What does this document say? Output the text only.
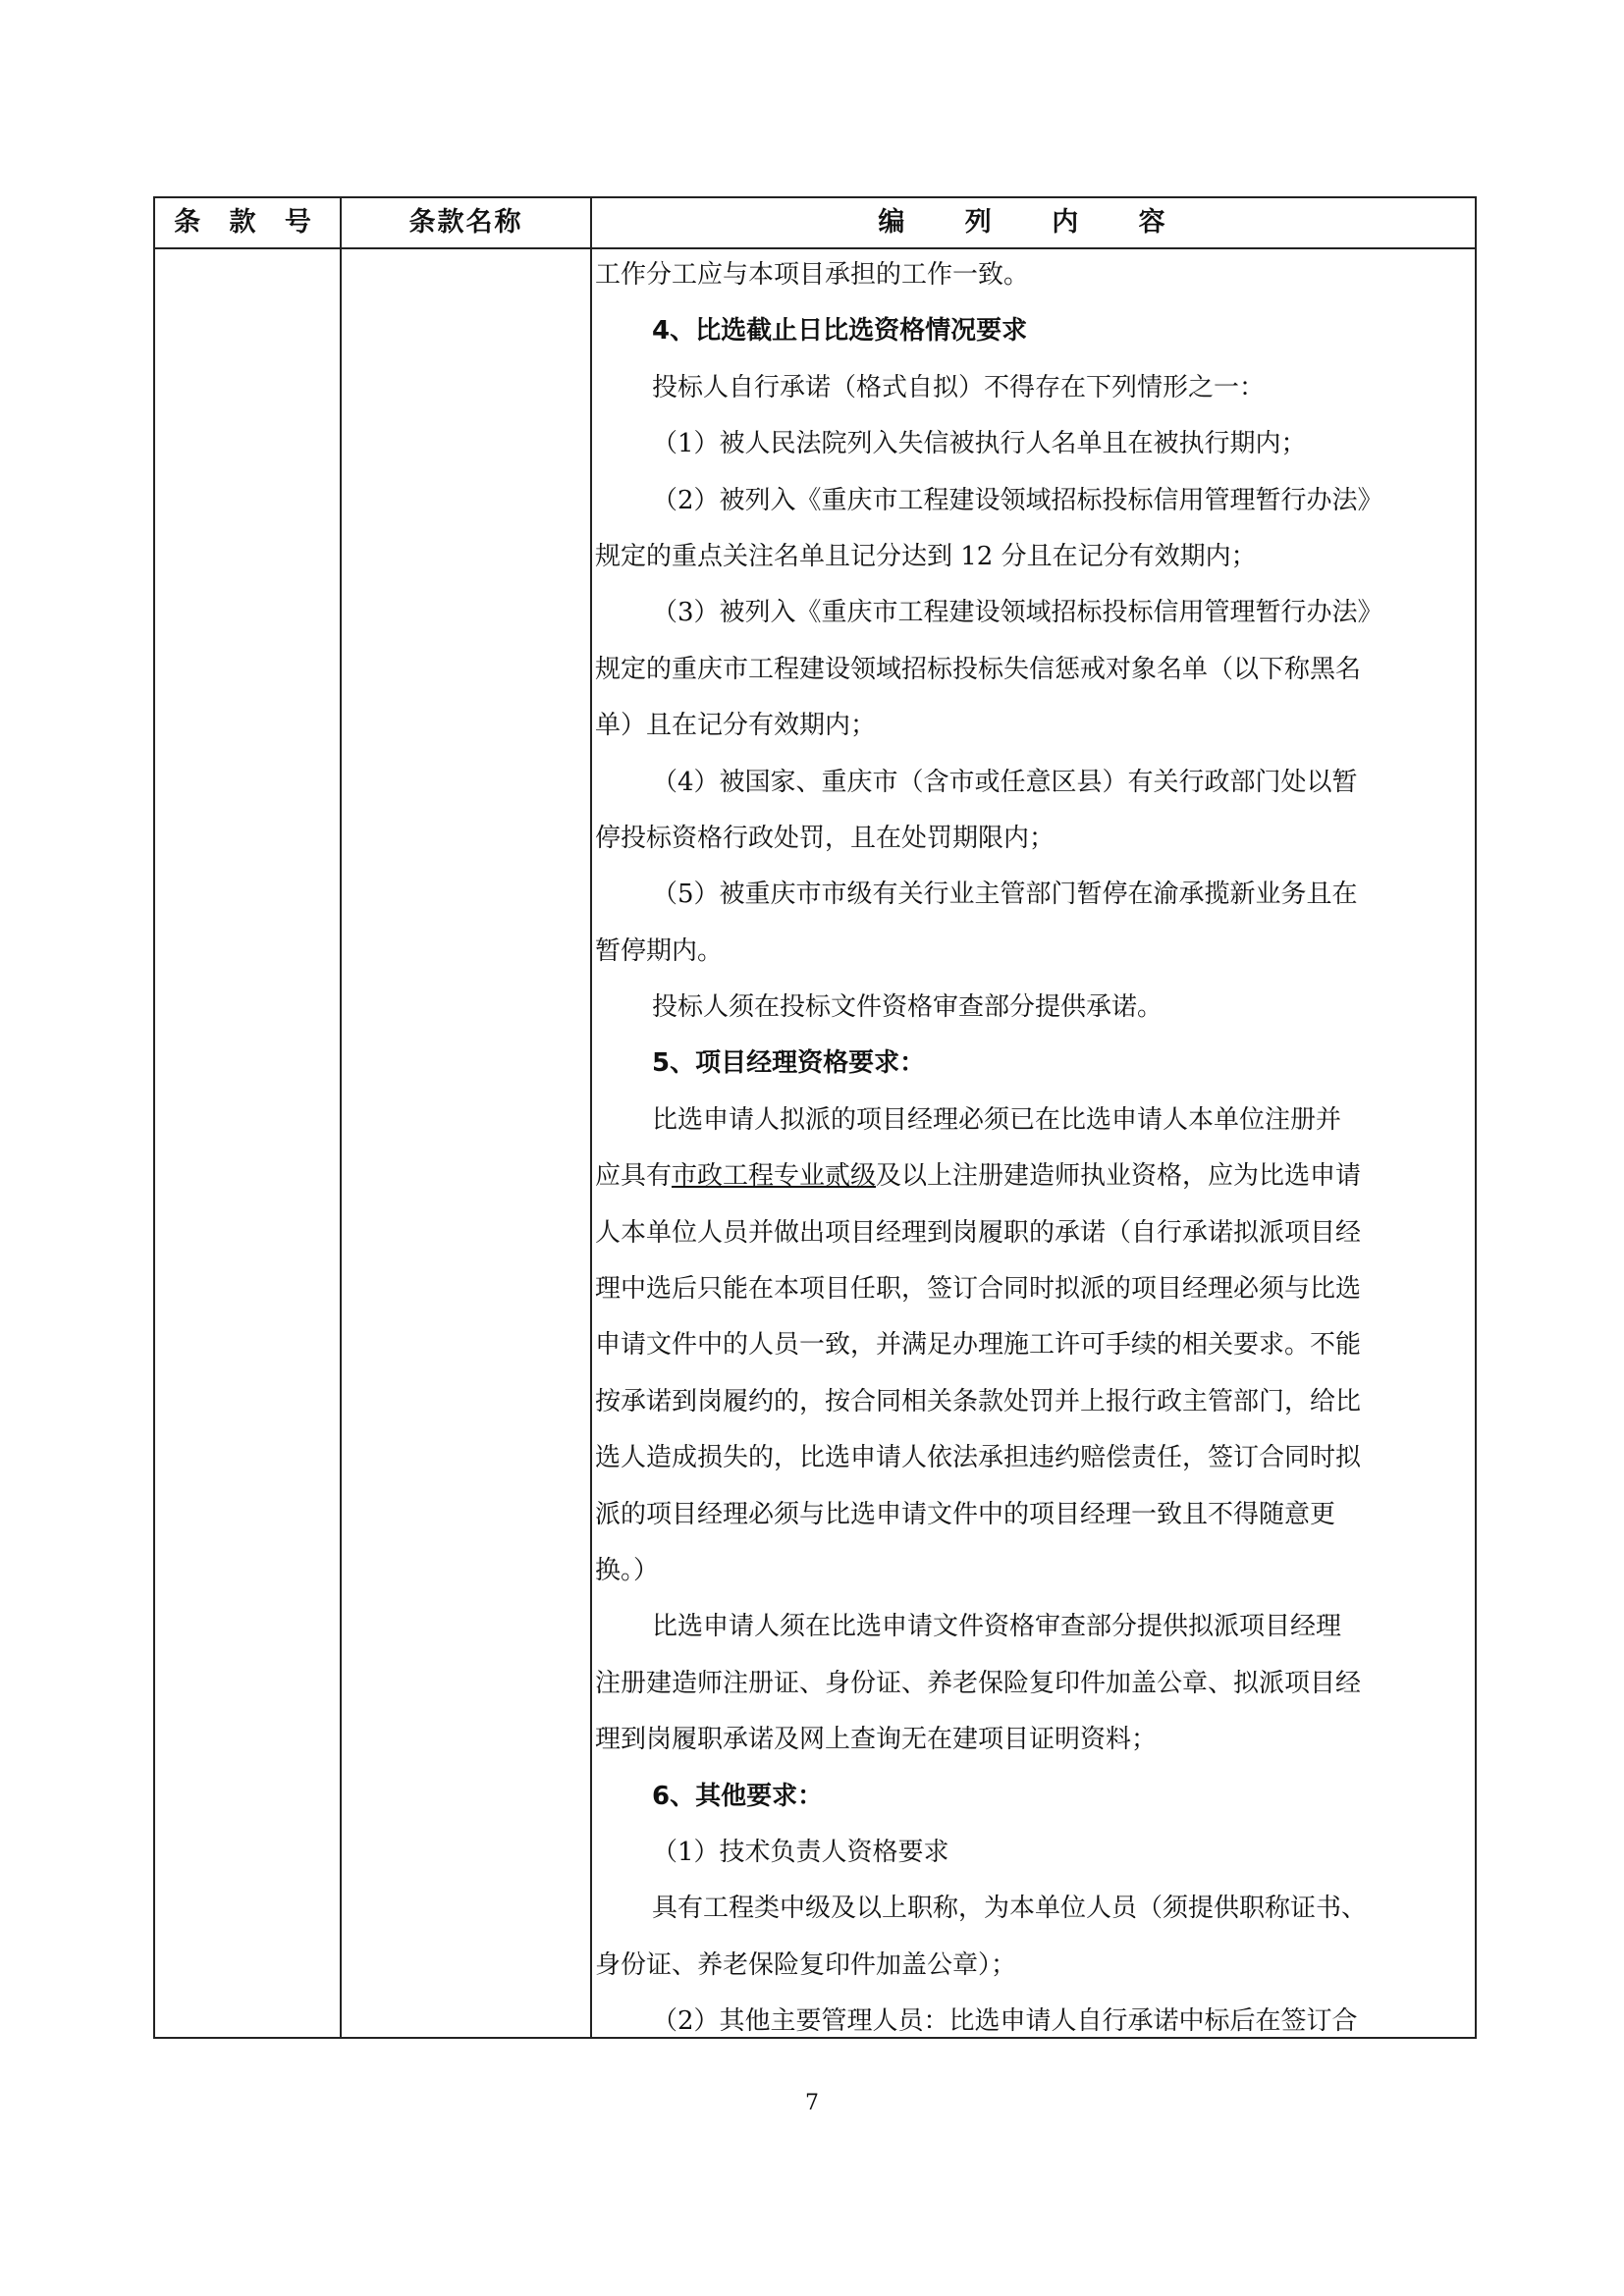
条 款 号	条款名称	编 列 内 容

工作分工应与本项目承担的工作一致。

4、比选截止日比选资格情况要求

投标人自行承诺（格式自拟）不得存在下列情形之一：

（1）被人民法院列入失信被执行人名单且在被执行期内；

（2）被列入《重庆市工程建设领域招标投标信用管理暂行办法》

规定的重点关注名单且记分达到 12 分且在记分有效期内；

（3）被列入《重庆市工程建设领域招标投标信用管理暂行办法》

规定的重庆市工程建设领域招标投标失信惩戒对象名单（以下称黑名

单）且在记分有效期内；

（4）被国家、重庆市（含市或任意区县）有关行政部门处以暂

停投标资格行政处罚，且在处罚期限内；

（5）被重庆市市级有关行业主管部门暂停在渝承揽新业务且在

暂停期内。

投标人须在投标文件资格审查部分提供承诺。

5、项目经理资格要求：

比选申请人拟派的项目经理必须已在比选申请人本单位注册并

应具有市政工程专业贰级及以上注册建造师执业资格，应为比选申请

人本单位人员并做出项目经理到岗履职的承诺（自行承诺拟派项目经

理中选后只能在本项目任职，签订合同时拟派的项目经理必须与比选

申请文件中的人员一致，并满足办理施工许可手续的相关要求。不能

按承诺到岗履约的，按合同相关条款处罚并上报行政主管部门，给比

选人造成损失的，比选申请人依法承担违约赔偿责任，签订合同时拟

派的项目经理必须与比选申请文件中的项目经理一致且不得随意更

换。）

比选申请人须在比选申请文件资格审查部分提供拟派项目经理

注册建造师注册证、身份证、养老保险复印件加盖公章、拟派项目经

理到岗履职承诺及网上查询无在建项目证明资料；

6、其他要求：

（1）技术负责人资格要求

具有工程类中级及以上职称，为本单位人员（须提供职称证书、

身份证、养老保险复印件加盖公章）；

（2）其他主要管理人员：比选申请人自行承诺中标后在签订合

7
